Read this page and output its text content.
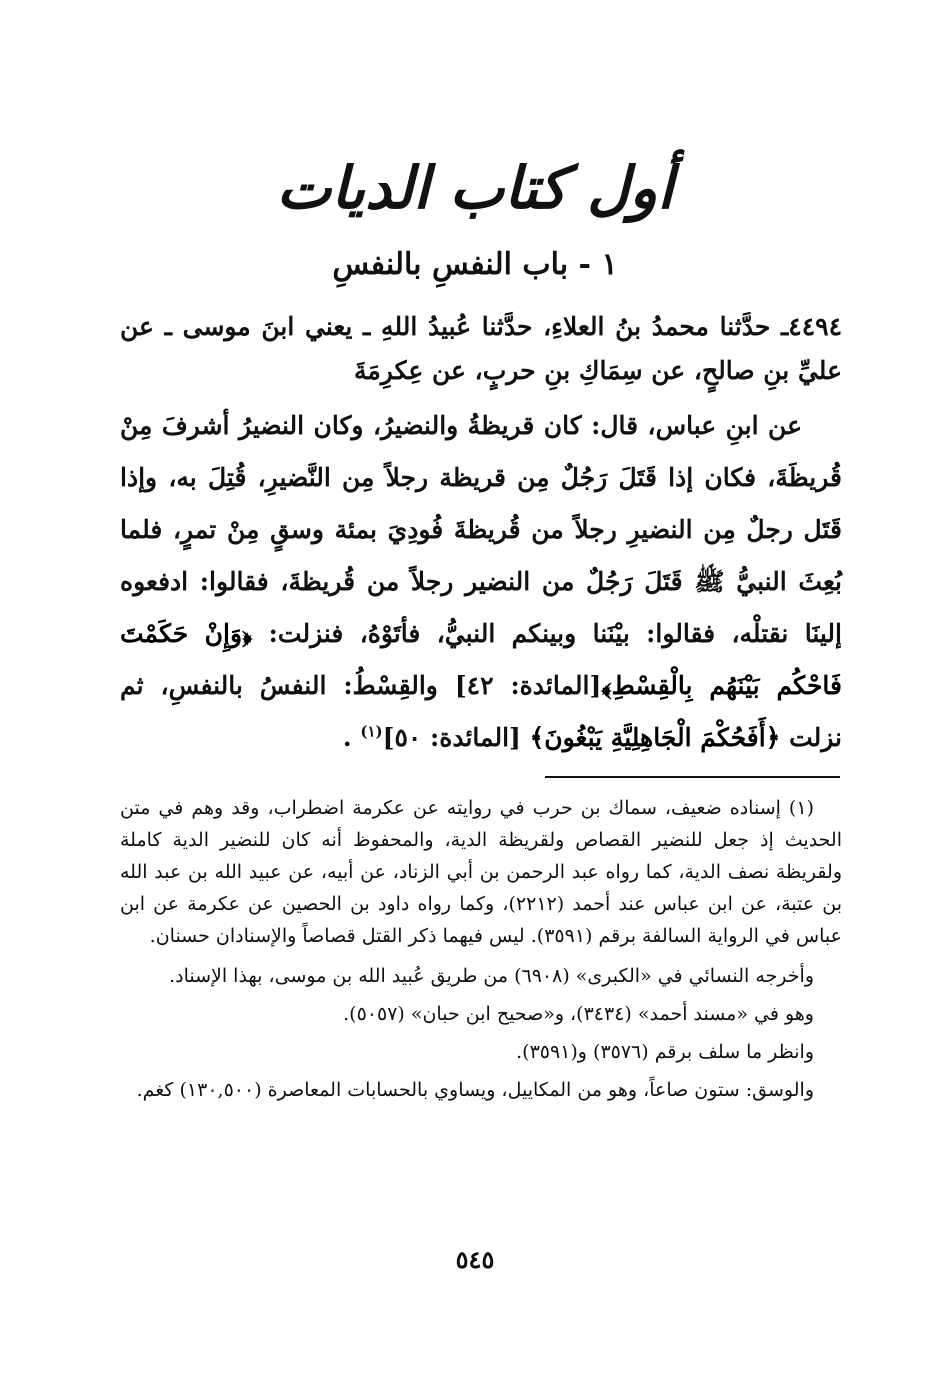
أول كتاب الديات
١ - باب النفسِ بالنفسِ

٤٤٩٤ـ حدَّثنا محمدُ بنُ العلاءِ، حدَّثنا عُبيدُ اللهِ ـ يعني ابنَ موسى ـ عن عليِّ بنِ صالحٍ، عن سِمَاكِ بنِ حربٍ، عن عِكرِمَةَ

عن ابنِ عباس، قال: كان قريظةُ والنضيرُ، وكان النضيرُ أشرفَ مِنْ قُريظَةَ، فكان إذا قَتَلَ رَجُلٌ مِن قريظة رجلاً مِن النَّضيرِ، قُتِلَ به، وإذا قَتَل رجلٌ مِن النضيرِ رجلاً من قُريظةَ فُودِيَ بمئة وسقٍ مِنْ تمرٍ، فلما بُعِثَ النبيُّ ﷺ قَتَلَ رَجُلٌ من النضير رجلاً من قُريظةَ، فقالوا: ادفعوه إلينَا نقتلْه، فقالوا: بيْنَنا وبينكم النبيُّ، فأتَوْهُ، فنزلت: ﴿وَإِنْ حَكَمْتَ فَاحْكُم بَيْنَهُم بِالْقِسْطِ﴾[المائدة: ٤٢] والقِسْطُ: النفسُ بالنفسِ، ثم نزلت ﴿أَفَحُكْمَ الْجَاهِلِيَّةِ يَبْغُونَ﴾ [المائدة: ٥٠]$^{(١)}$ .

(١) إسناده ضعيف، سماك بن حرب في روايته عن عكرمة اضطراب، وقد وهم في متن الحديث إذ جعل للنضير القصاص ولقريظة الدية، والمحفوظ أنه كان للنضير الدية كاملة ولقريظة نصف الدية، كما رواه عبد الرحمن بن أبي الزناد، عن أبيه، عن عبيد الله بن عبد الله بن عتبة، عن ابن عباس عند أحمد (٢٢١٢)، وكما رواه داود بن الحصين عن عكرمة عن ابن عباس في الرواية السالفة برقم (٣٥٩١). ليس فيهما ذكر القتل قصاصاً والإسنادان حسنان.

وأخرجه النسائي في «الكبرى» (٦٩٠٨) من طريق عُبيد الله بن موسى، بهذا الإسناد.

وهو في «مسند أحمد» (٣٤٣٤)، و«صحيح ابن حبان» (٥٠٥٧).

وانظر ما سلف برقم (٣٥٧٦) و(٣٥٩١).

والوسق: ستون صاعاً، وهو من المكاييل، ويساوي بالحسابات المعاصرة (١٣٠,٥٠٠) كغم.

٥٤٥
